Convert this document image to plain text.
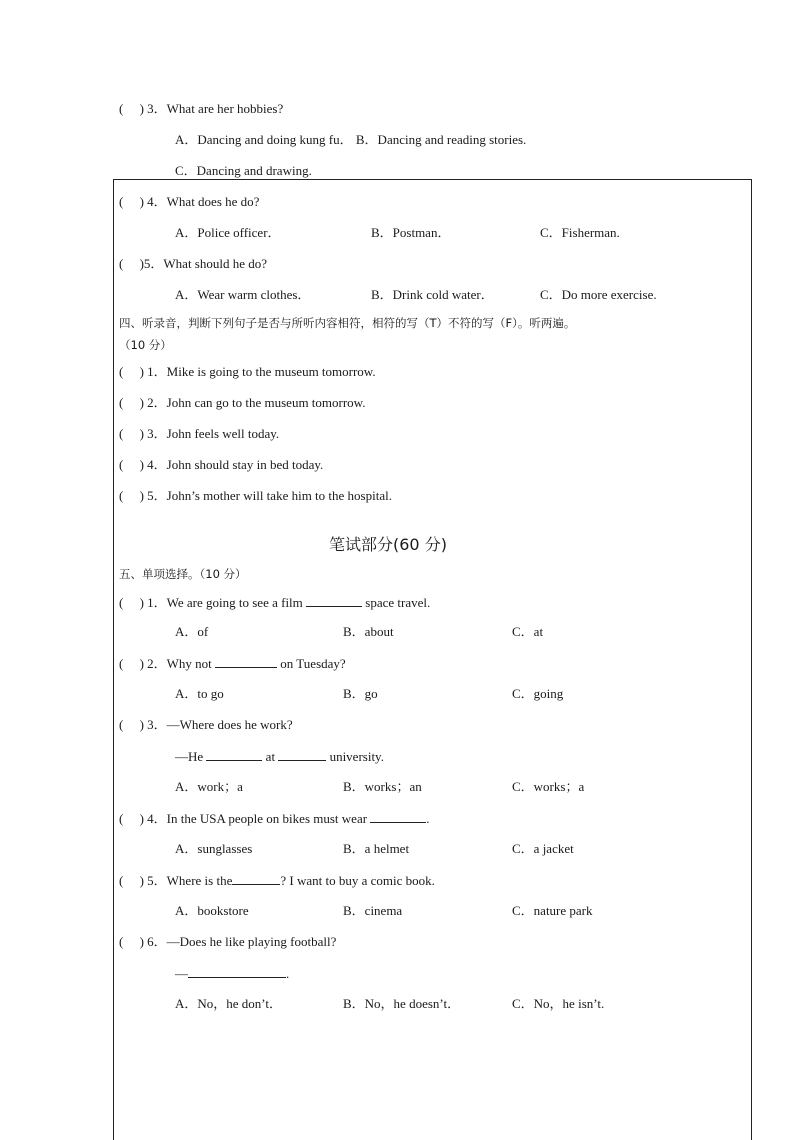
(     ) 3．What are her hobbies?
A．Dancing and doing kung fu． B．Dancing and reading stories.
C．Dancing and drawing.
(     ) 4．What does he do?
A．Police officer．	B．Postman．	C．Fisherman.
(     )5．What should he do?
A．Wear warm clothes．	B．Drink cold water．	C．Do more exercise.
四、听录音，判断下列句子是否与所听内容相符，相符的写（T）不符的写（F）。听两遍。
（10 分）
(     ) 1．Mike is going to the museum tomorrow.
(     ) 2．John can go to the museum tomorrow.
(     ) 3．John feels well today.
(     ) 4．John should stay in bed today.
(     ) 5．John’s mother will take him to the hospital.
笔试部分(60 分)
五、单项选择。（10 分）
(     ) 1．We are going to see a film	space travel.
A．of	B．about	C．at
(     ) 2．Why not	on Tuesday?
A．to go	B．go	C．going
(     ) 3．—Where does he work?
—He	at	university.
A．work；a	B．works；an	C．works；a
(     ) 4．In the USA people on bikes must wear	.
A．sunglasses	B．a helmet	C．a jacket
(     ) 5．Where is the	? I want to buy a comic book.
A．bookstore	B．cinema	C．nature park
(     ) 6．—Does he like playing football?
—	.
A．No，he don’t．	B．No，he doesn’t．	C．No，he isn’t.
